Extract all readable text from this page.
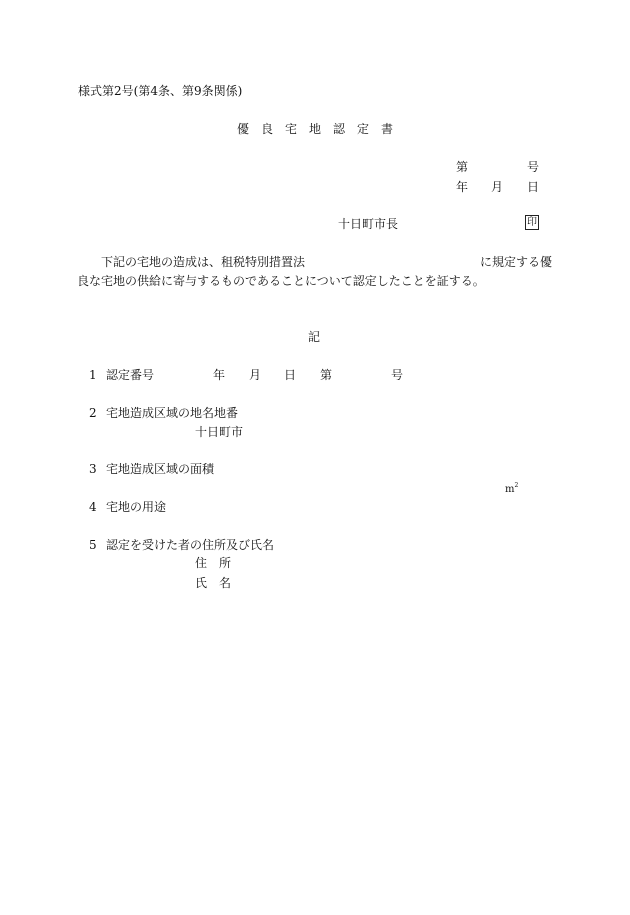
様式第2号(第4条、第9条関係)
優　良　宅　地　認　定　書
第	号
年 月 日
十日町市長	印
下記の宅地の造成は、租税特別措置法	に規定する優
良な宅地の供給に寄与するものであることについて認定したことを証する。
記
1 認定番号	年 月 日 第	号
2 宅地造成区域の地名地番
十日町市
3 宅地造成区域の面積
$m^2$
4 宅地の用途
5 認定を受けた者の住所及び氏名
住　所
氏　名
